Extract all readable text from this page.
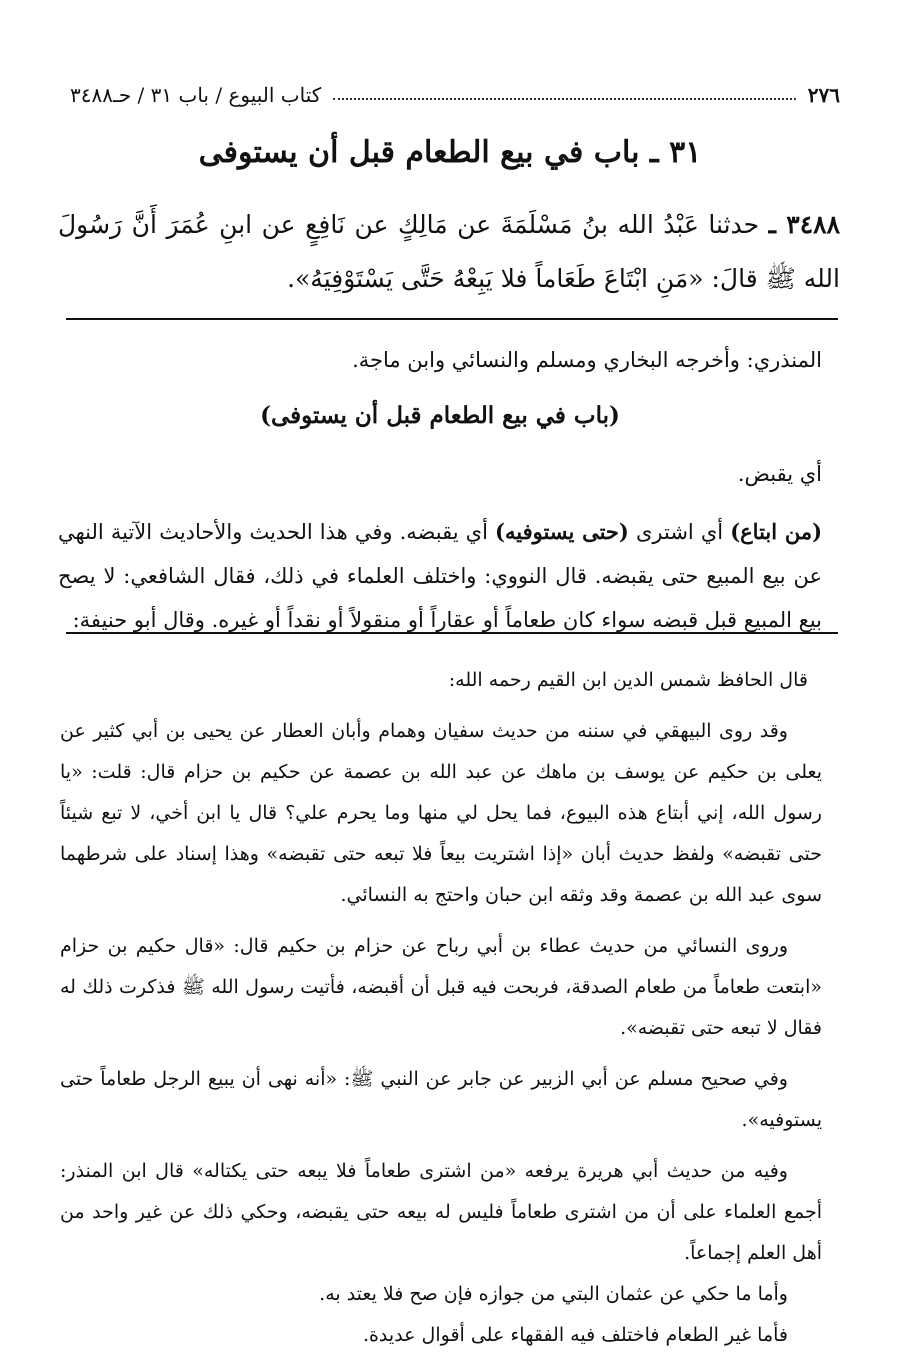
٢٧٦
كتاب البيوع / باب ٣١ / حـ٣٤٨٨
٣١ ـ باب في بيع الطعام قبل أن يستوفى
٣٤٨٨ ـ حدثنا عَبْدُ الله بنُ مَسْلَمَةَ عن مَالِكٍ عن نَافِعٍ عن ابنِ عُمَرَ أَنَّ رَسُولَ الله ﷺ قالَ: «مَنِ ابْتَاعَ طَعَاماً فلا يَبِعْهُ حَتَّى يَسْتَوْفِيَهُ».

المنذري: وأخرجه البخاري ومسلم والنسائي وابن ماجة.

(باب في بيع الطعام قبل أن يستوفى)

أي يقبض.

(من ابتاع) أي اشترى (حتى يستوفيه) أي يقبضه. وفي هذا الحديث والأحاديث الآتية النهي عن بيع المبيع حتى يقبضه. قال النووي: واختلف العلماء في ذلك، فقال الشافعي: لا يصح بيع المبيع قبل قبضه سواء كان طعاماً أو عقاراً أو منقولاً أو نقداً أو غيره. وقال أبو حنيفة:

قال الحافظ شمس الدين ابن القيم رحمه الله:

وقد روى البيهقي في سننه من حديث سفيان وهمام وأبان العطار عن يحيى بن أبي كثير عن يعلى بن حكيم عن يوسف بن ماهك عن عبد الله بن عصمة عن حكيم بن حزام قال: قلت: «يا رسول الله، إني أبتاع هذه البيوع، فما يحل لي منها وما يحرم علي؟ قال يا ابن أخي، لا تبع شيئاً حتى تقبضه» ولفظ حديث أبان «إذا اشتريت بيعاً فلا تبعه حتى تقبضه» وهذا إسناد على شرطهما سوى عبد الله بن عصمة وقد وثقه ابن حبان واحتج به النسائي.

وروى النسائي من حديث عطاء بن أبي رباح عن حزام بن حكيم قال: «قال حكيم بن حزام «ابتعت طعاماً من طعام الصدقة، فربحت فيه قبل أن أقبضه، فأتيت رسول الله ﷺ فذكرت ذلك له فقال لا تبعه حتى تقبضه».

وفي صحيح مسلم عن أبي الزبير عن جابر عن النبي ﷺ: «أنه نهى أن يبيع الرجل طعاماً حتى يستوفيه».

وفيه من حديث أبي هريرة يرفعه «من اشترى طعاماً فلا يبعه حتى يكتاله» قال ابن المنذر: أجمع العلماء على أن من اشترى طعاماً فليس له بيعه حتى يقبضه، وحكي ذلك عن غير واحد من أهل العلم إجماعاً.

وأما ما حكي عن عثمان البتي من جوازه فإن صح فلا يعتد به.

فأما غير الطعام فاختلف فيه الفقهاء على أقوال عديدة.
